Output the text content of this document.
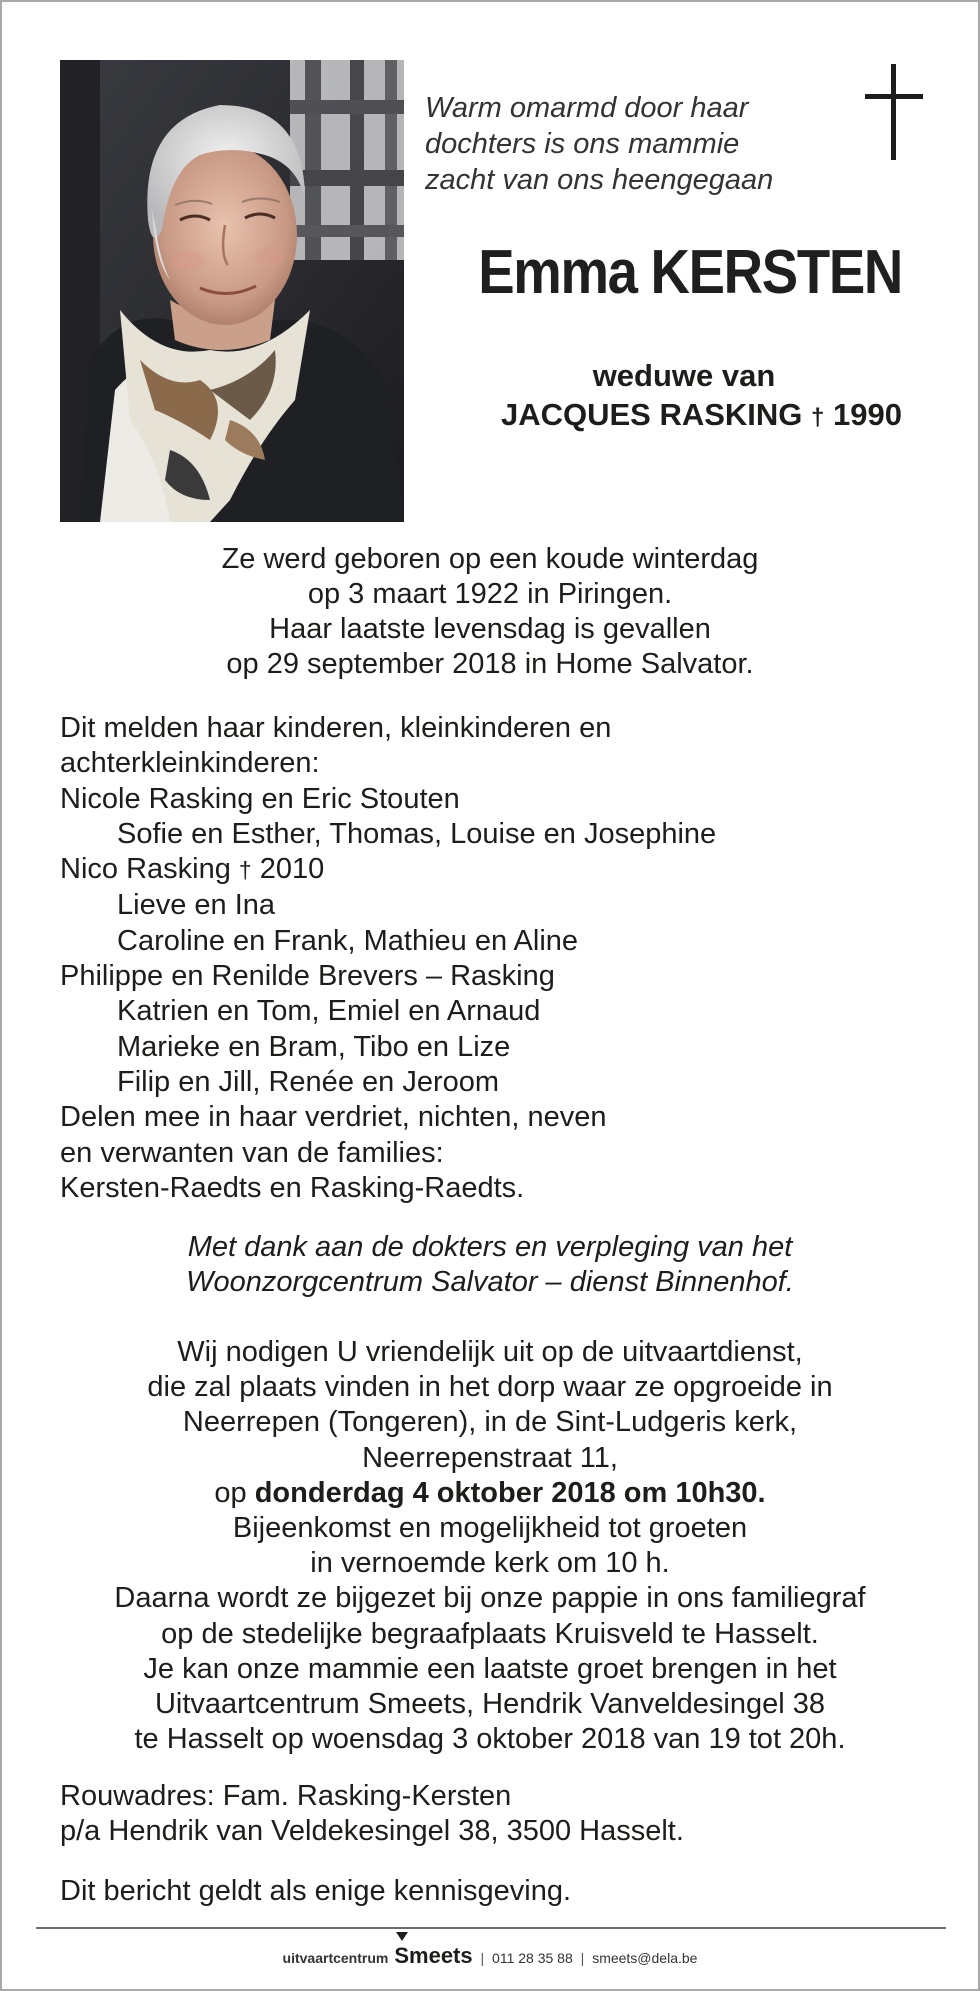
Warm omarmd door haar
dochters is ons mammie
zacht van ons heengegaan
Emma KERSTEN
weduwe van
JACQUES RASKING † 1990
Ze werd geboren op een koude winterdag
op 3 maart 1922 in Piringen.
Haar laatste levensdag is gevallen
op 29 september 2018 in Home Salvator.
Dit melden haar kinderen, kleinkinderen en
achterkleinkinderen:
Nicole Rasking en Eric Stouten
Sofie en Esther, Thomas, Louise en Josephine
Nico Rasking † 2010
Lieve en Ina
Caroline en Frank, Mathieu en Aline
Philippe en Renilde Brevers – Rasking
Katrien en Tom, Emiel en Arnaud
Marieke en Bram, Tibo en Lize
Filip en Jill, Renée en Jeroom
Delen mee in haar verdriet, nichten, neven
en verwanten van de families:
Kersten-Raedts en Rasking-Raedts.
Met dank aan de dokters en verpleging van het
Woonzorgcentrum Salvator – dienst Binnenhof.
Wij nodigen U vriendelijk uit op de uitvaartdienst,
die zal plaats vinden in het dorp waar ze opgroeide in
Neerrepen (Tongeren), in de Sint-Ludgeris kerk,
Neerrepenstraat 11,
op donderdag 4 oktober 2018 om 10h30.
Bijeenkomst en mogelijkheid tot groeten
in vernoemde kerk om 10 h.
Daarna wordt ze bijgezet bij onze pappie in ons familiegraf
op de stedelijke begraafplaats Kruisveld te Hasselt.
Je kan onze mammie een laatste groet brengen in het
Uitvaartcentrum Smeets, Hendrik Vanveldesingel 38
te Hasselt op woensdag 3 oktober 2018 van 19 tot 20h.
Rouwadres: Fam. Rasking-Kersten
p/a Hendrik van Veldekesingel 38, 3500 Hasselt.
Dit bericht geldt als enige kennisgeving.
uitvaartcentrum Smeets | 011 28 35 88 | smeets@dela.be
